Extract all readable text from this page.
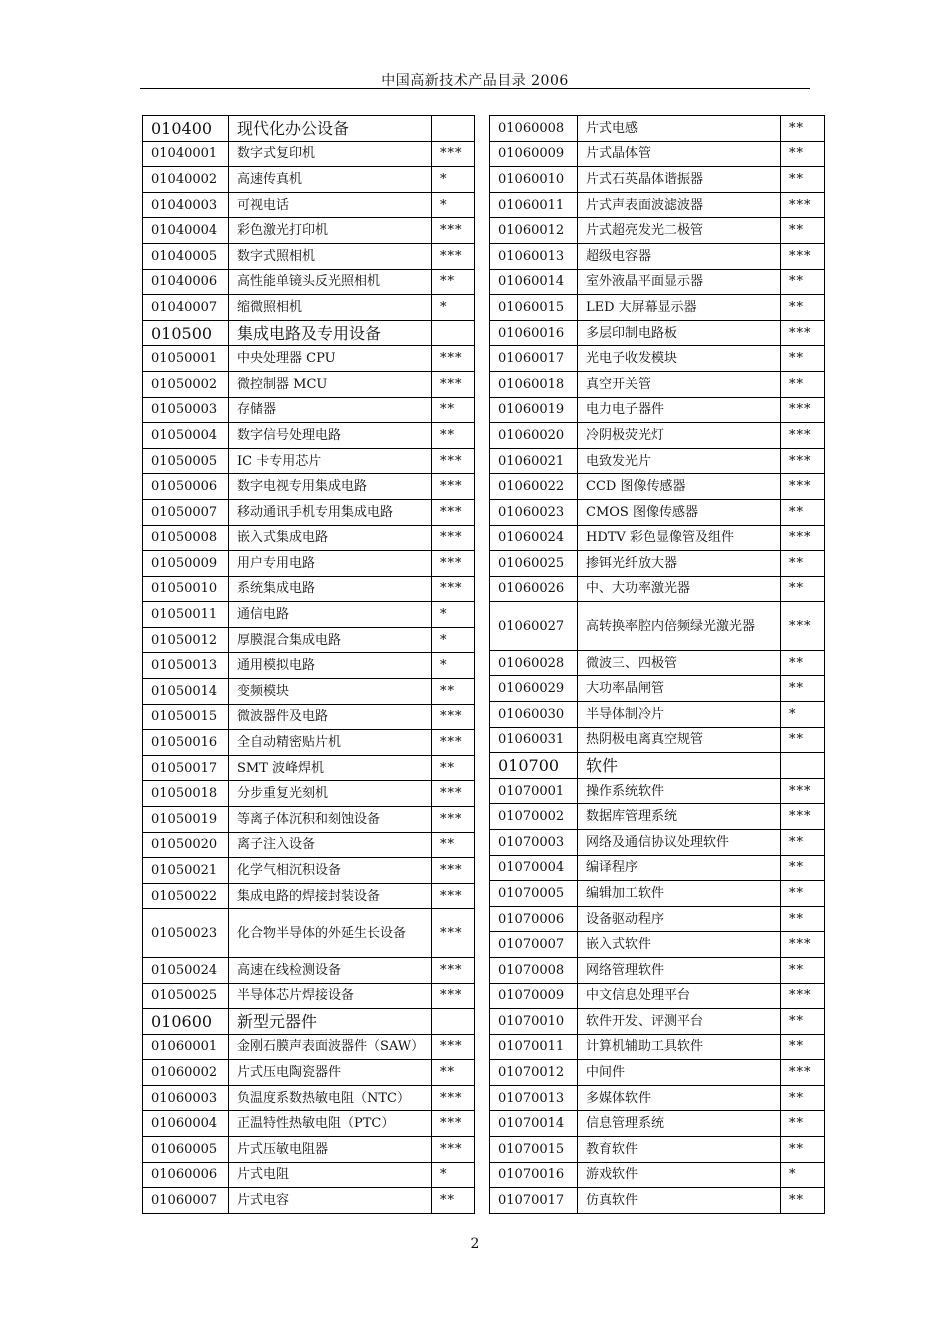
中国高新技术产品目录 2006
010400	现代化办公设备	
01040001	数字式复印机	***
01040002	高速传真机	*
01040003	可视电话	*
01040004	彩色激光打印机	***
01040005	数字式照相机	***
01040006	高性能单镜头反光照相机	**
01040007	缩微照相机	*
010500	集成电路及专用设备	
01050001	中央处理器 CPU	***
01050002	微控制器 MCU	***
01050003	存储器	**
01050004	数字信号处理电路	**
01050005	IC 卡专用芯片	***
01050006	数字电视专用集成电路	***
01050007	移动通讯手机专用集成电路	***
01050008	嵌入式集成电路	***
01050009	用户专用电路	***
01050010	系统集成电路	***
01050011	通信电路	*
01050012	厚膜混合集成电路	*
01050013	通用模拟电路	*
01050014	变频模块	**
01050015	微波器件及电路	***
01050016	全自动精密贴片机	***
01050017	SMT 波峰焊机	**
01050018	分步重复光刻机	***
01050019	等离子体沉积和刻蚀设备	***
01050020	离子注入设备	**
01050021	化学气相沉积设备	***
01050022	集成电路的焊接封装设备	***
01050023	化合物半导体的外延生长设备	***
01050024	高速在线检测设备	***
01050025	半导体芯片焊接设备	***
010600	新型元器件	
01060001	金刚石膜声表面波器件（SAW）	***
01060002	片式压电陶瓷器件	**
01060003	负温度系数热敏电阻（NTC）	***
01060004	正温特性热敏电阻（PTC）	***
01060005	片式压敏电阻器	***
01060006	片式电阻	*
01060007	片式电容	**
01060008	片式电感	**
01060009	片式晶体管	**
01060010	片式石英晶体谐振器	**
01060011	片式声表面波滤波器	***
01060012	片式超亮发光二极管	**
01060013	超级电容器	***
01060014	室外液晶平面显示器	**
01060015	LED 大屏幕显示器	**
01060016	多层印制电路板	***
01060017	光电子收发模块	**
01060018	真空开关管	**
01060019	电力电子器件	***
01060020	冷阴极荧光灯	***
01060021	电致发光片	***
01060022	CCD 图像传感器	***
01060023	CMOS 图像传感器	**
01060024	HDTV 彩色显像管及组件	***
01060025	掺铒光纤放大器	**
01060026	中、大功率激光器	**
01060027	高转换率腔内倍频绿光激光器	***
01060028	微波三、四极管	**
01060029	大功率晶闸管	**
01060030	半导体制冷片	*
01060031	热阴极电离真空规管	**
010700	软件	
01070001	操作系统软件	***
01070002	数据库管理系统	***
01070003	网络及通信协议处理软件	**
01070004	编译程序	**
01070005	编辑加工软件	**
01070006	设备驱动程序	**
01070007	嵌入式软件	***
01070008	网络管理软件	**
01070009	中文信息处理平台	***
01070010	软件开发、评测平台	**
01070011	计算机辅助工具软件	**
01070012	中间件	***
01070013	多媒体软件	**
01070014	信息管理系统	**
01070015	教育软件	**
01070016	游戏软件	*
01070017	仿真软件	**
2
